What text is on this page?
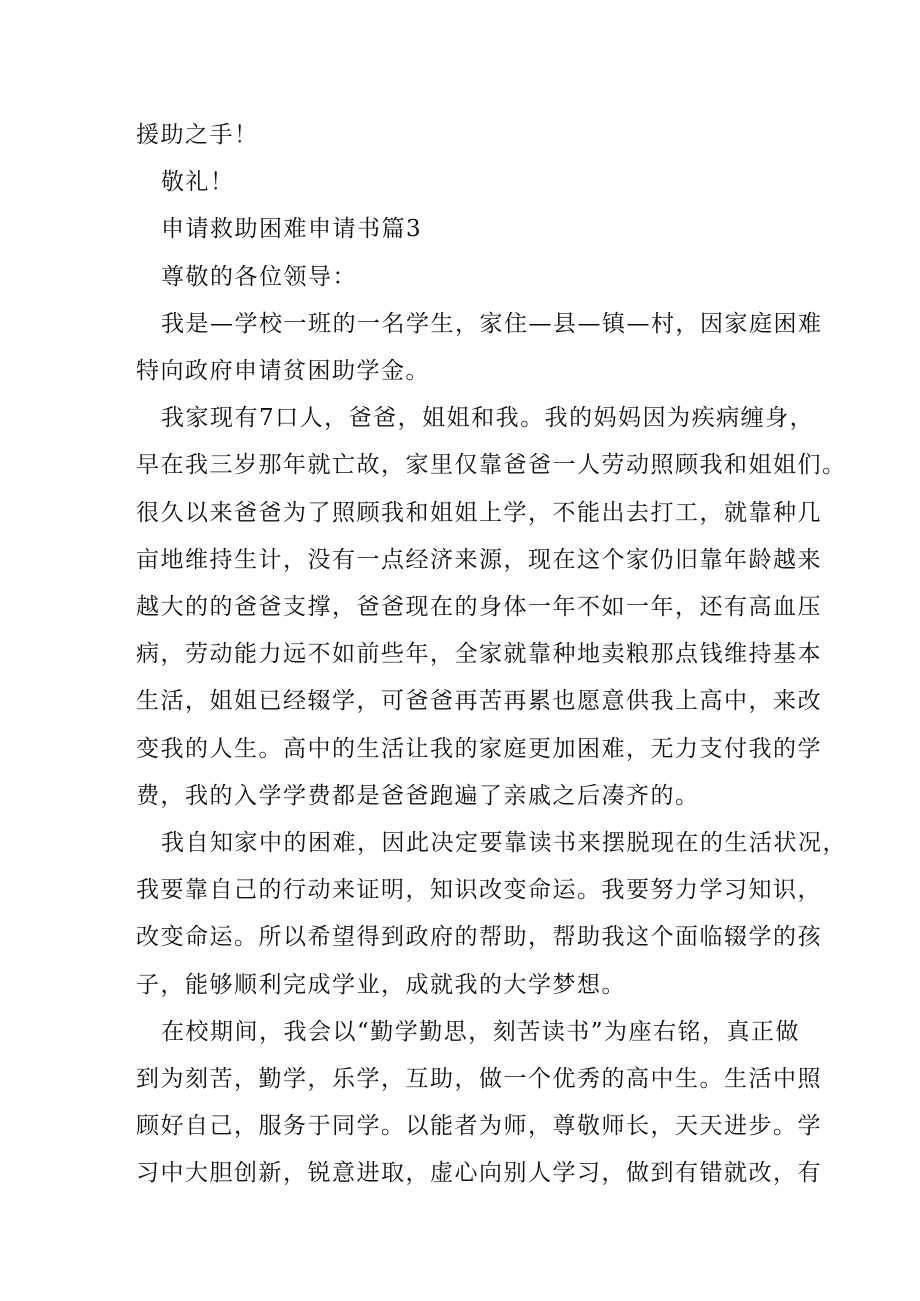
援助之手！

敬礼！

申请救助困难申请书篇3

尊敬的各位领导：

我是—学校一班的一名学生，家住—县—镇—村，因家庭困难

特向政府申请贫困助学金。

我家现有7口人，爸爸，姐姐和我。我的妈妈因为疾病缠身，

早在我三岁那年就亡故，家里仅靠爸爸一人劳动照顾我和姐姐们。

很久以来爸爸为了照顾我和姐姐上学，不能出去打工，就靠种几

亩地维持生计，没有一点经济来源，现在这个家仍旧靠年龄越来

越大的的爸爸支撑，爸爸现在的身体一年不如一年，还有高血压

病，劳动能力远不如前些年，全家就靠种地卖粮那点钱维持基本

生活，姐姐已经辍学，可爸爸再苦再累也愿意供我上高中，来改

变我的人生。高中的生活让我的家庭更加困难，无力支付我的学

费，我的入学学费都是爸爸跑遍了亲戚之后凑齐的。

我自知家中的困难，因此决定要靠读书来摆脱现在的生活状况，

我要靠自己的行动来证明，知识改变命运。我要努力学习知识，

改变命运。所以希望得到政府的帮助，帮助我这个面临辍学的孩

子，能够顺利完成学业，成就我的大学梦想。

在校期间，我会以“勤学勤思，刻苦读书”为座右铭，真正做

到为刻苦，勤学，乐学，互助，做一个优秀的高中生。生活中照

顾好自己，服务于同学。以能者为师，尊敬师长，天天进步。学

习中大胆创新，锐意进取，虚心向别人学习，做到有错就改，有
